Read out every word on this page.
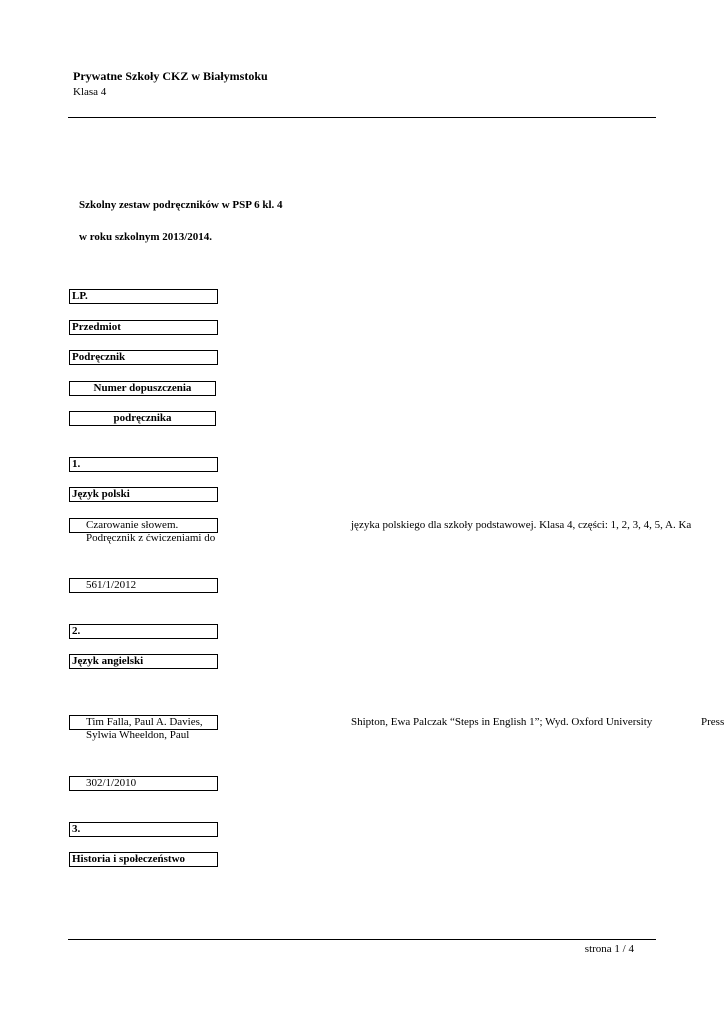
Prywatne Szkoły CKZ w Białymstoku
Klasa 4
Szkolny zestaw podręczników w PSP 6 kl. 4
w roku szkolnym 2013/2014.
LP.
Przedmiot
Podręcznik
Numer dopuszczenia
podręcznika
1.
Język polski
Czarowanie słowem. Podręcznik z ćwiczeniami do
języka polskiego dla szkoły podstawowej. Klasa 4, części: 1, 2, 3, 4, 5, A. Ka
561/1/2012
2.
Język angielski
Tim Falla, Paul A. Davies, Sylwia Wheeldon, Paul
Shipton, Ewa Palczak “Steps in English 1”; Wyd. Oxford University	Press
302/1/2010
3.
Historia i społeczeństwo
strona 1 / 4
